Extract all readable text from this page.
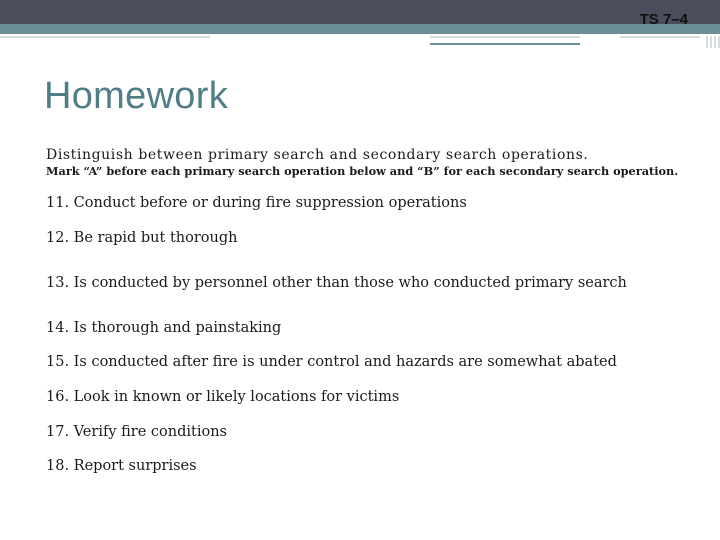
TS 7–4
Homework
Distinguish between primary search and secondary search operations.
Mark “A” before each primary search operation below and “B” for each secondary search operation.
11. Conduct before or during fire suppression operations
12. Be rapid but thorough
13. Is conducted by personnel other than those who conducted primary search
14. Is thorough and painstaking
15. Is conducted after fire is under control and hazards are somewhat abated
16. Look in known or likely locations for victims
17. Verify fire conditions
18. Report surprises
